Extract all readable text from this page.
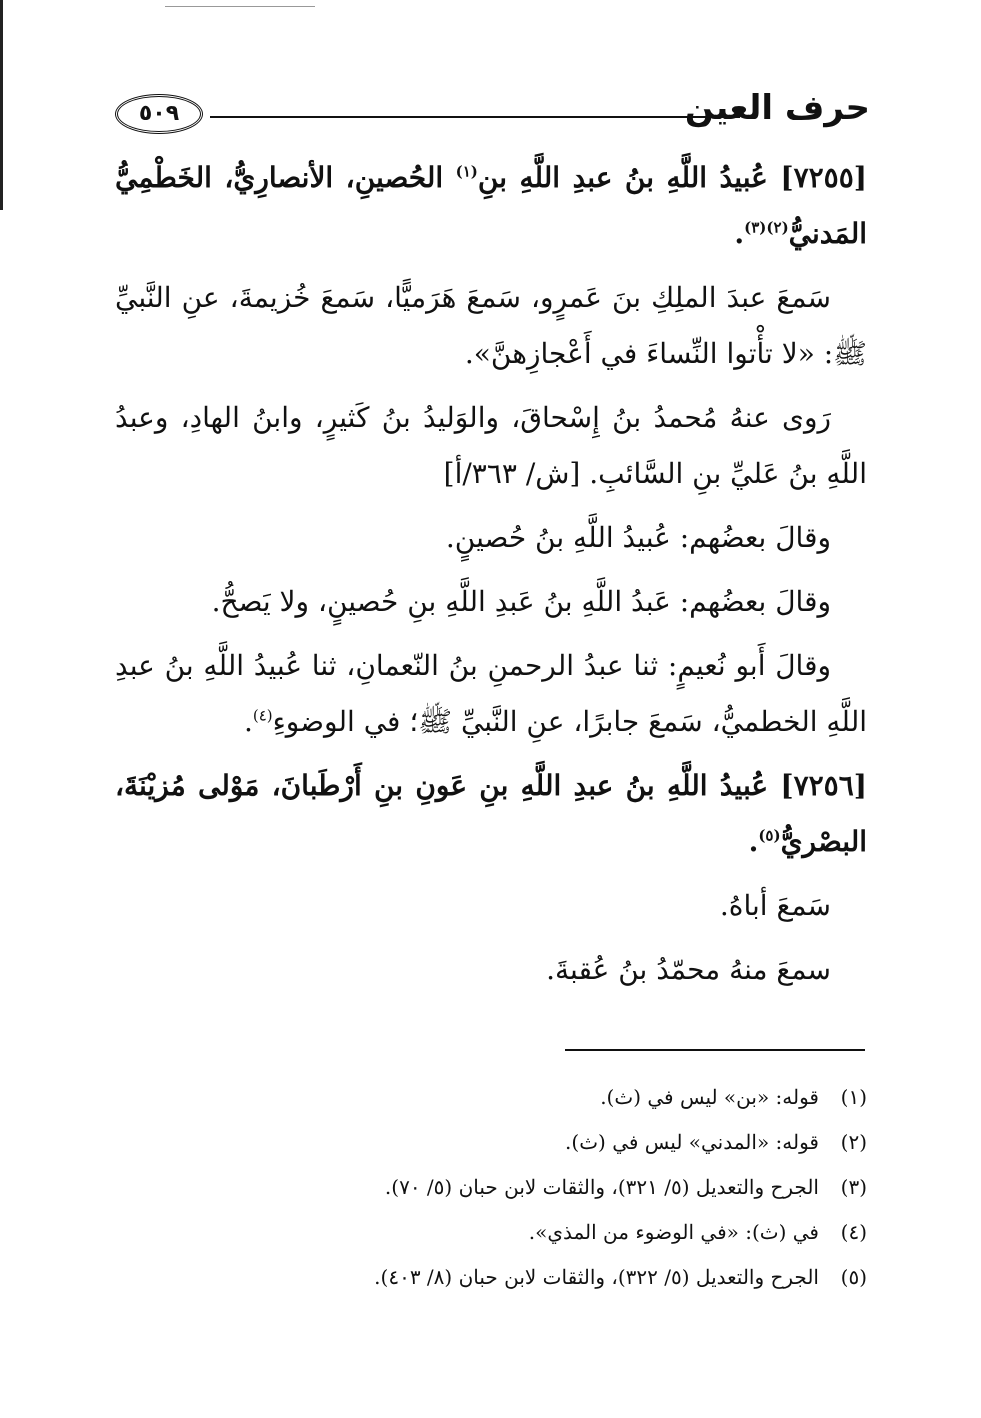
حرف العين
٥٠٩

[٧٢٥٥] عُبيدُ اللَّهِ بنُ عبدِ اللَّهِ بنِ$^{(١)}$ الحُصينِ، الأنصارِيُّ، الخَطْمِيُّ المَدنيُّ$^{(٢)(٣)}$.

سَمعَ عبدَ الملِكِ بنَ عَمرٍو، سَمعَ هَرَميًّا، سَمعَ خُزيمةَ، عنِ النَّبيِّ ﷺ: «لا تأْتوا النِّساءَ في أَعْجازِهنَّ».

رَوى عنهُ مُحمدُ بنُ إِسْحاقَ، والوَليدُ بنُ كَثيرٍ، وابنُ الهادِ، وعبدُ اللَّهِ بنُ عَليِّ بنِ السَّائبِ. [ش/ ٣٦٣/أ]

وقالَ بعضُهم: عُبيدُ اللَّهِ بنُ حُصينٍ.

وقالَ بعضُهم: عَبدُ اللَّهِ بنُ عَبدِ اللَّهِ بنِ حُصينٍ، ولا يَصحُّ.

وقالَ أَبو نُعيمٍ: ثنا عبدُ الرحمنِ بنُ النّعمانِ، ثنا عُبيدُ اللَّهِ بنُ عبدِ اللَّهِ الخطميُّ، سَمعَ جابرًا، عنِ النَّبيِّ ﷺ؛ في الوضوءِ$^{(٤)}$.

[٧٢٥٦] عُبيدُ اللَّهِ بنُ عبدِ اللَّهِ بنِ عَونِ بنِ أَرْطَبانَ، مَوْلى مُزيْنَةَ، البصْريُّ$^{(٥)}$.

سَمعَ أباهُ.

سمعَ منهُ محمّدُ بنُ عُقبةَ.

(١)قوله: «بن» ليس في (ث).

(٢)قوله: «المدني» ليس في (ث).

(٣)الجرح والتعديل (٥/ ٣٢١)، والثقات لابن حبان (٥/ ٧٠).

(٤)في (ث): «في الوضوء من المذي».

(٥)الجرح والتعديل (٥/ ٣٢٢)، والثقات لابن حبان (٨/ ٤٠٣).
